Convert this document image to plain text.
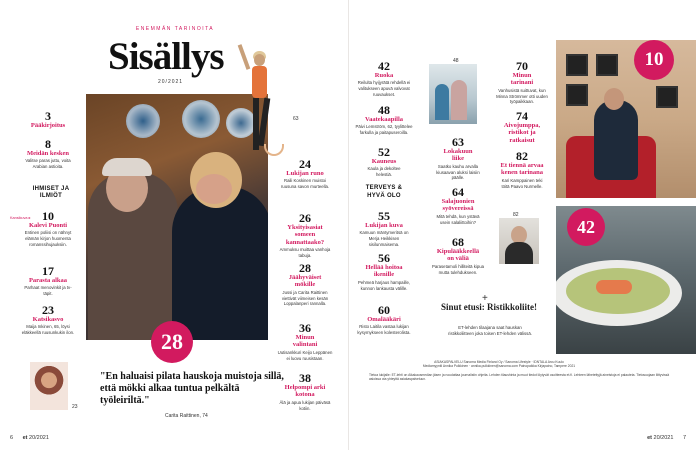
ENEMMÄN TARINOITA
Sisällys
20/2021
3
Pääkirjoitus
8
Meidän kesken
Valitse paras juttu, voita Arabian astioita.
IHMISET JA ILMIÖT
Kansikuva ▸ 10
Kalevi Puonti
Entinen poliisi on nähnyt elämän kirjon huomenta romanssihujauksiin.
17
Parasta alkaa
Parhaat menovinkit ja tv-täpit.
23
Katsikasvo
Maija Inkinen, 65, löysi eläkkeellä ruusunkukin ilon.	28
63
24
Lukijan runo
Raili Koskinen muistoi ruusuna savon murteella.
26
Yksityisasiat someen kannattaako?
Ammuksu muittaa vanhoja tabuja.
28
Jäähyväiset mökille
Jussi ja Carita Raittinen viettivät viimeisen kesän Loppalanperi rannalla.
36
Minun valintani
Uutisankkuri Keijo Leppänen ei luovu ruusistaan.
38
Helpompi arki kotona
Älä ja apua lukijan päiväsä kotiin.
23
"En haluaisi pilata hauskoja muistoja sillä, että mökki alkaa tuntua pelkältä työleiriltä."
Carita Raittinen, 74
6 et 20/2021
42
Ruoka
Reilulta hyijyrätä rehdellä ei valitukseen apuvä valvovat ruuvaukset.
48
Vaatekaapilla
Päivi Lemström, 62, tyylittelee farkulla ja paitapuseroilla.
52
Kauneus
Kaula ja dekoltee helestiä.
TERVEYS & HYVÄ OLO
55
Lukijan kuva
Kamuun mäntymeritsä on Merja Heikkisen sisilunmaisema.
56
Hellää hoitoa ikenille
Pehmeä harjaus hampaille, kunnon lankausta välille.
60
Omalääkäri
Risto Laitila vastaa lukijan kysymykseen kolesterolista.
48
63
Lokakuun liike
Saatko kauhu arvalla kiusaavan aluksi laisiin päälle.
64
Salajuonien syövereissä
Mitä tehdä, kun ystävä usein salaliittoihin?
68
Kipulääkkeellä on väliä
Parasetamoli hilliteitä kipua mutta tulehdukseen.
82
+
Sinut etusi: Ristikkoliite!
ET-lehden tilaajana saat hauskan ristikkoliitteen joka toisen ET-lehden välissä.
70
Minun tarinani
Vanhusistä suittuvat, kun Minna Strömmer otti uuden työpaikkaan.
74
Aivojumppa, ristikot ja ratkaisut
82
Et tiennä arvaa kenen tarinana
Kari Kamppainen teki töitä Paavo Nurmelle.
10
42
ASIAKASPALVELU Sanoma Media Finland Oy / Sanoma Lifestyle · IDNTALA Arcu Kuulo
Mediamyyntii Annika Pulkkinen · annika.pulkkinen@sanoma.com Painopaikka Kirjapaino, Tampere 2021
Tietoa lukijalle: ET-lehti on Aikakausmedian jäsen ja noudattaa journalistin ohjeita. Lehden tilaushinta ja muut tiedot löytyvät osoitteesta et.fi. Lehteen lähetettyjä aineistoja ei palauteta. Tietosuojaan liittyvissä asioissa ota yhteyttä asiakaspalveluun.
et 20/2021 7
